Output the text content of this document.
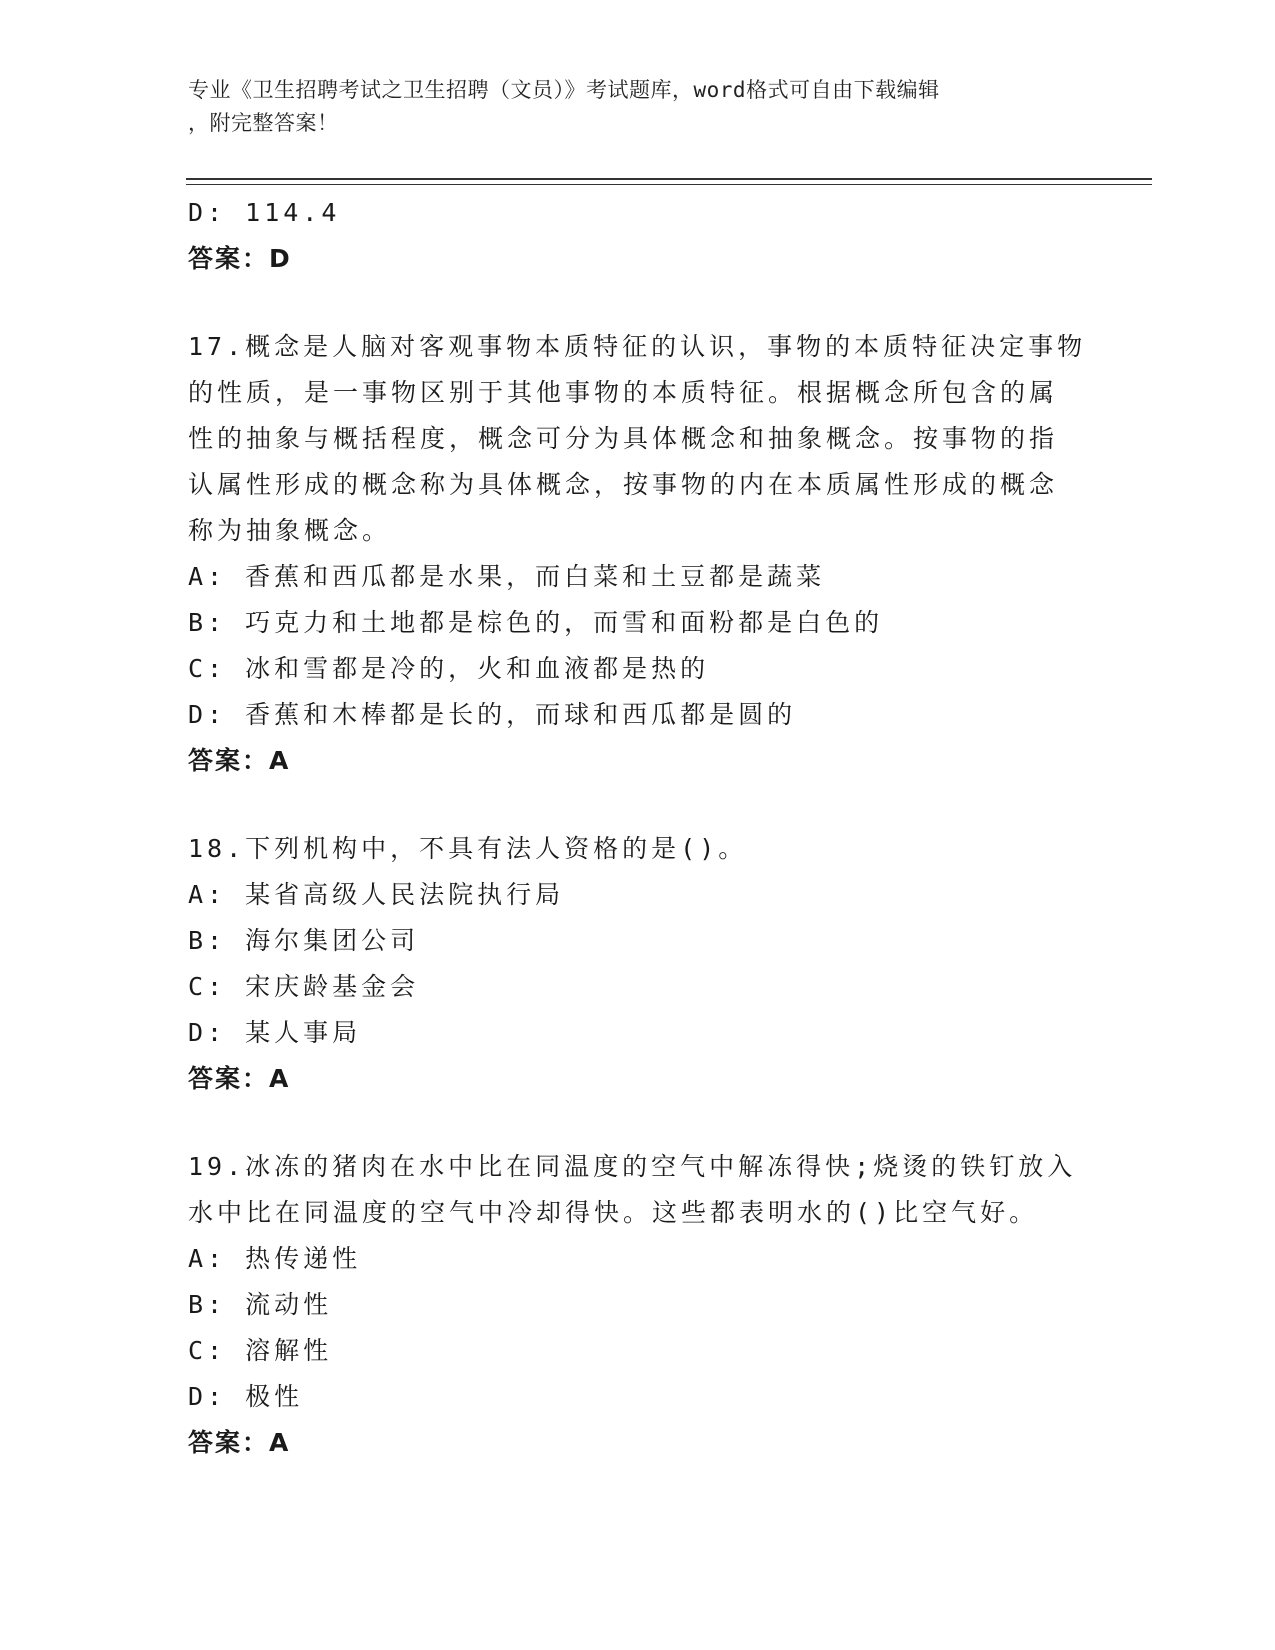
专业《卫生招聘考试之卫生招聘（文员）》考试题库，word格式可自由下载编辑
，附完整答案！
D: 114.4
答案：D
17.概念是人脑对客观事物本质特征的认识，事物的本质特征决定事物
的性质，是一事物区别于其他事物的本质特征。根据概念所包含的属
性的抽象与概括程度，概念可分为具体概念和抽象概念。按事物的指
认属性形成的概念称为具体概念，按事物的内在本质属性形成的概念
称为抽象概念。
A: 香蕉和西瓜都是水果，而白菜和土豆都是蔬菜
B: 巧克力和土地都是棕色的，而雪和面粉都是白色的
C: 冰和雪都是冷的，火和血液都是热的
D: 香蕉和木棒都是长的，而球和西瓜都是圆的
答案：A
18.下列机构中，不具有法人资格的是()。
A: 某省高级人民法院执行局
B: 海尔集团公司
C: 宋庆龄基金会
D: 某人事局
答案：A
19.冰冻的猪肉在水中比在同温度的空气中解冻得快;烧烫的铁钉放入
水中比在同温度的空气中冷却得快。这些都表明水的()比空气好。
A: 热传递性
B: 流动性
C: 溶解性
D: 极性
答案：A
